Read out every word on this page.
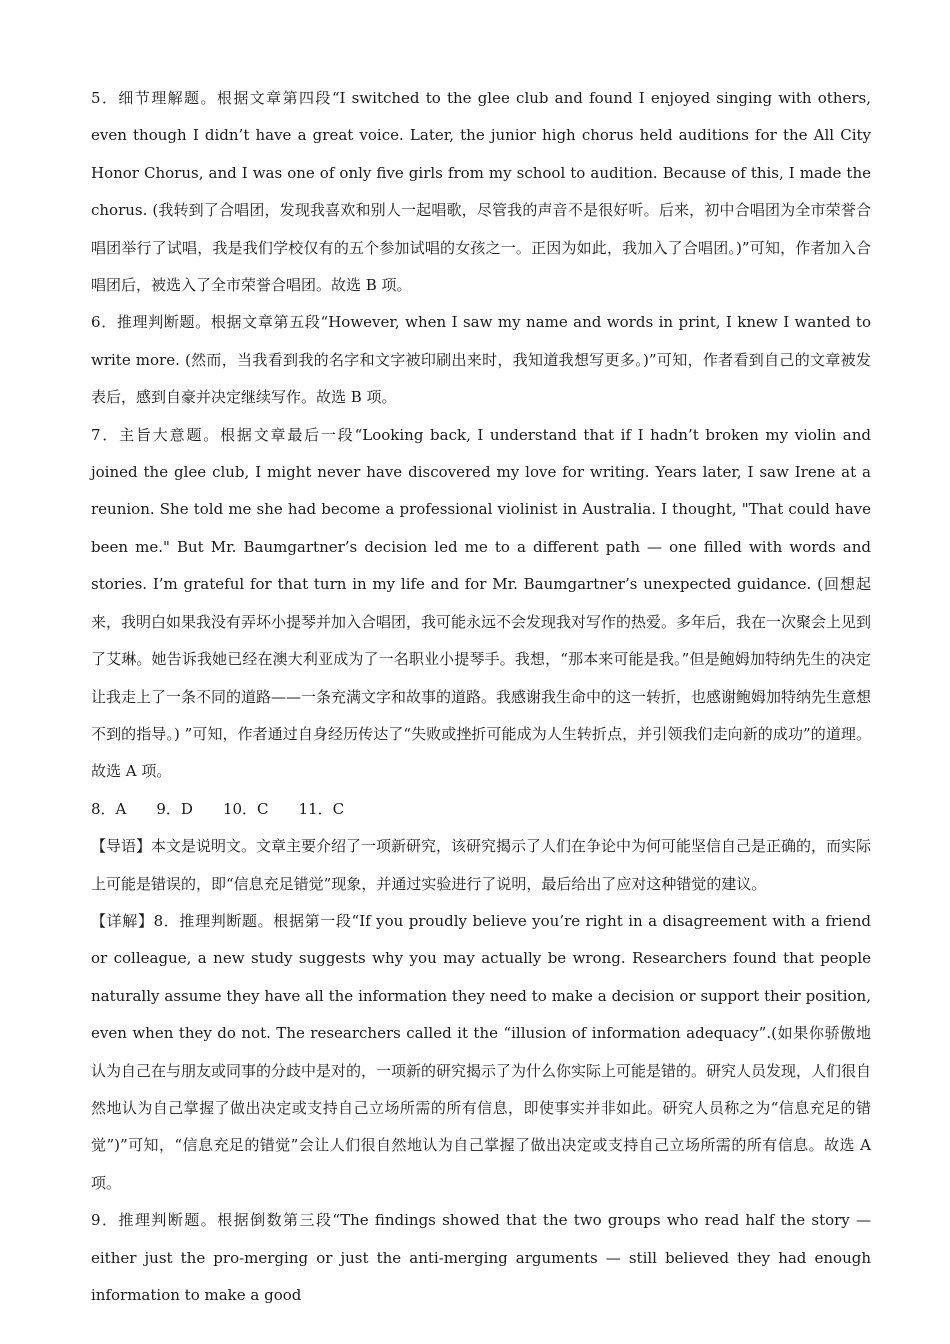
5．细节理解题。根据文章第四段“I switched to the glee club and found I enjoyed singing with others, even though I didn’t have a great voice. Later, the junior high chorus held auditions for the All City Honor Chorus, and I was one of only five girls from my school to audition. Because of this, I made the chorus. (我转到了合唱团，发现我喜欢和别人一起唱歌，尽管我的声音不是很好听。后来，初中合唱团为全市荣誉合唱团举行了试唱，我是我们学校仅有的五个参加试唱的女孩之一。正因为如此，我加入了合唱团。)”可知，作者加入合唱团后，被选入了全市荣誉合唱团。故选 B 项。

6．推理判断题。根据文章第五段“However, when I saw my name and words in print, I knew I wanted to write more. (然而，当我看到我的名字和文字被印刷出来时，我知道我想写更多。)”可知，作者看到自己的文章被发表后，感到自豪并决定继续写作。故选 B 项。

7．主旨大意题。根据文章最后一段“Looking back, I understand that if I hadn’t broken my violin and joined the glee club, I might never have discovered my love for writing. Years later, I saw Irene at a reunion. She told me she had become a professional violinist in Australia. I thought, "That could have been me." But Mr. Baumgartner’s decision led me to a different path — one filled with words and stories. I’m grateful for that turn in my life and for Mr. Baumgartner’s unexpected guidance. (回想起来，我明白如果我没有弄坏小提琴并加入合唱团，我可能永远不会发现我对写作的热爱。多年后，我在一次聚会上见到了艾琳。她告诉我她已经在澳大利亚成为了一名职业小提琴手。我想，“那本来可能是我。”但是鲍姆加特纳先生的决定让我走上了一条不同的道路——一条充满文字和故事的道路。我感谢我生命中的这一转折，也感谢鲍姆加特纳先生意想不到的指导。) ”可知，作者通过自身经历传达了“失败或挫折可能成为人生转折点，并引领我们走向新的成功”的道理。故选 A 项。

8．A 9．D 10．C 11．C

【导语】本文是说明文。文章主要介绍了一项新研究，该研究揭示了人们在争论中为何可能坚信自己是正确的，而实际上可能是错误的，即“信息充足错觉”现象，并通过实验进行了说明，最后给出了应对这种错觉的建议。

【详解】8．推理判断题。根据第一段“If you proudly believe you’re right in a disagreement with a friend or colleague, a new study suggests why you may actually be wrong. Researchers found that people naturally assume they have all the information they need to make a decision or support their position, even when they do not. The researchers called it the “illusion of information adequacy”.(如果你骄傲地认为自己在与朋友或同事的分歧中是对的，一项新的研究揭示了为什么你实际上可能是错的。研究人员发现，人们很自然地认为自己掌握了做出决定或支持自己立场所需的所有信息，即使事实并非如此。研究人员称之为“信息充足的错觉”)”可知，“信息充足的错觉”会让人们很自然地认为自己掌握了做出决定或支持自己立场所需的所有信息。故选 A 项。

9．推理判断题。根据倒数第三段“The findings showed that the two groups who read half the story — either just the pro-merging or just the anti-merging arguments — still believed they had enough information to make a good
